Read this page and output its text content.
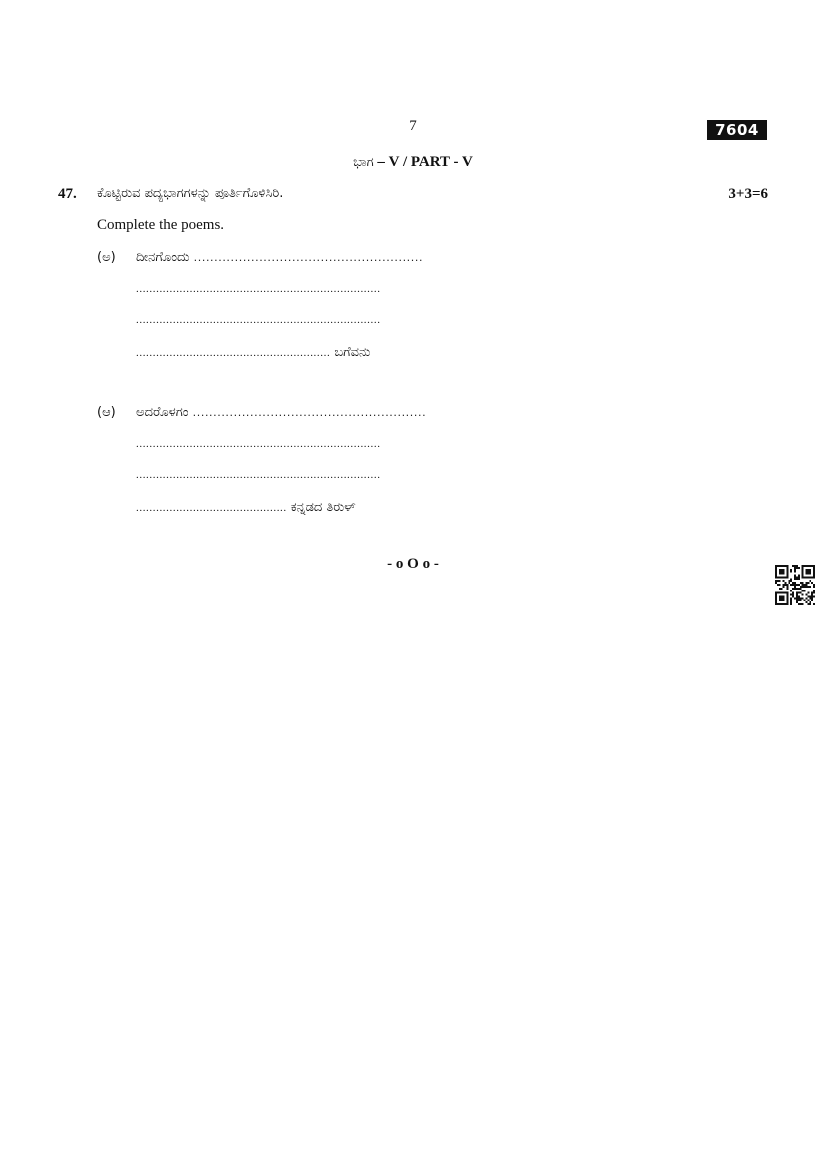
7	7604
ಭಾಗ – V / PART - V
47. ಕೊಟ್ಟಿರುವ ಪದ್ಯಭಾಗಗಳನ್ನು ಪೂರ್ತಿಗೊಳಿಸಿರಿ.	3+3=6
Complete the poems.
(ಅ) ದೀನಗೊಂದು ........................................................
.........................................................................
.........................................................................
.......................................................... ಬಗೆವನು
(ಆ) ಅದರೊಳಗಂ .........................................................
.........................................................................
.........................................................................
............................................. ಕನ್ನಡದ ತಿರುಳ್
- o O o -
